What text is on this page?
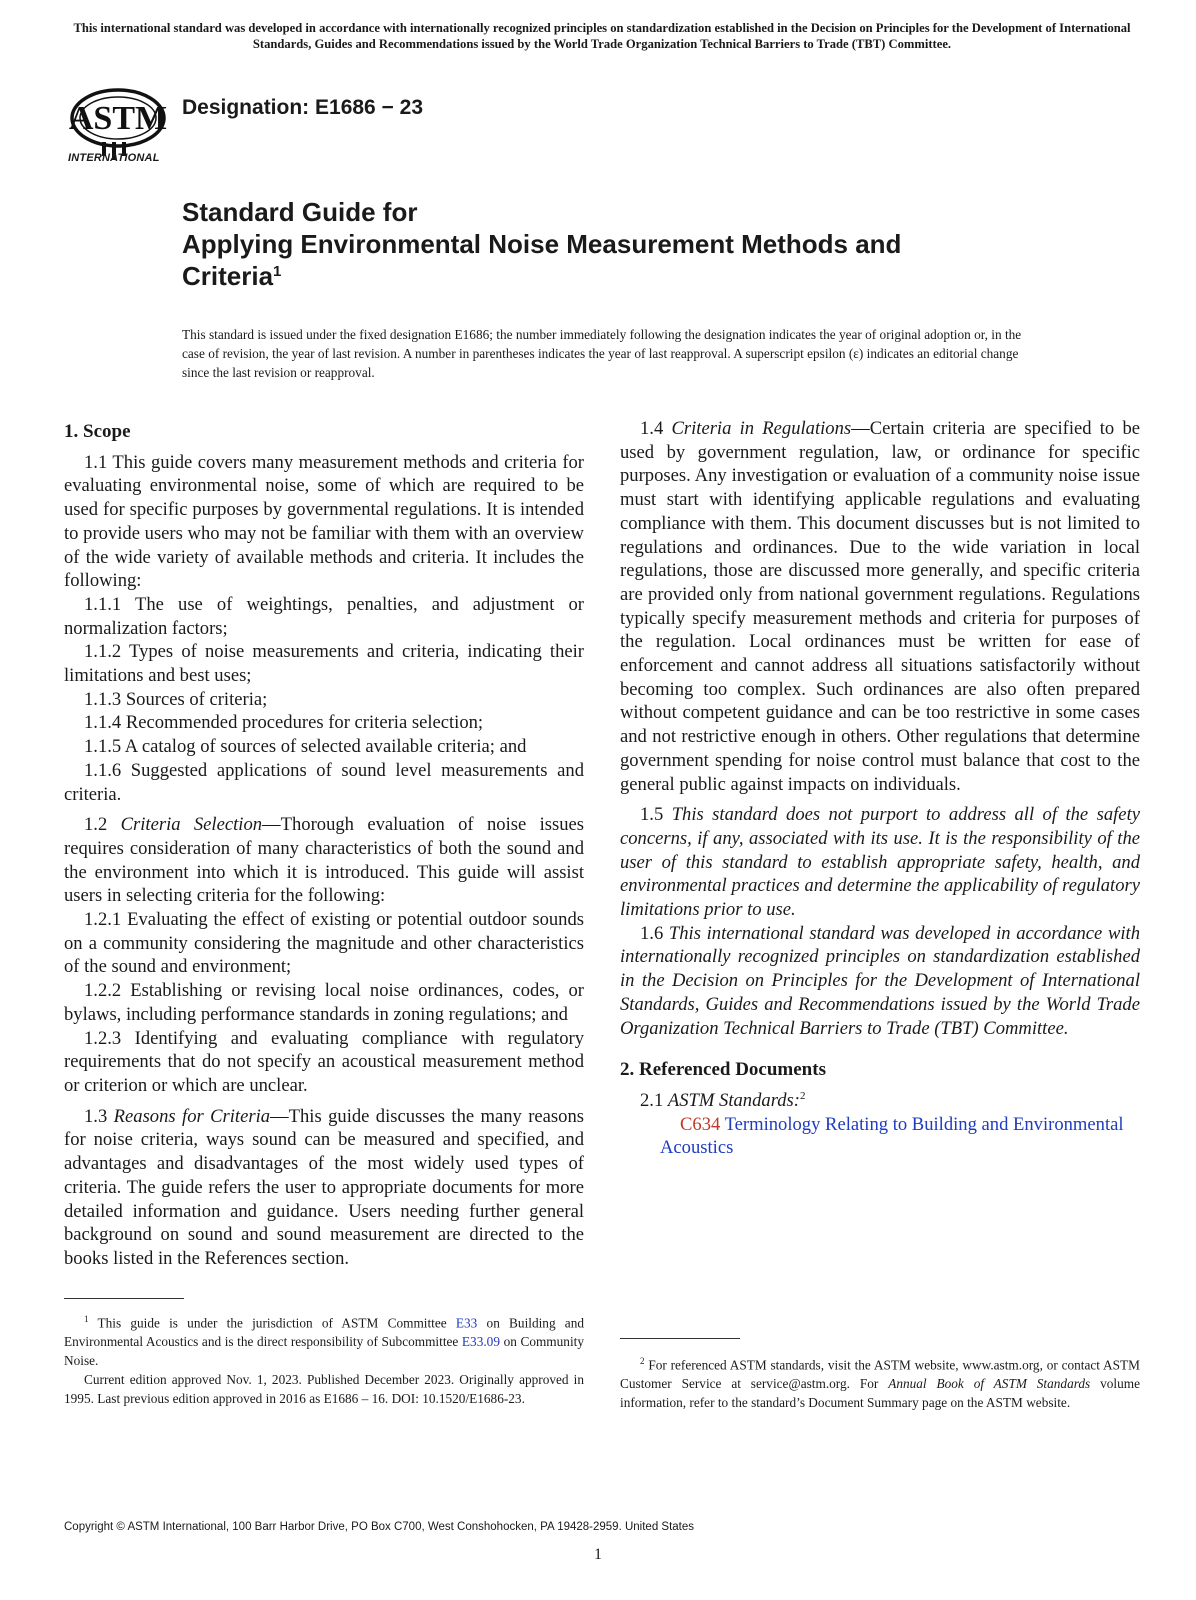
This international standard was developed in accordance with internationally recognized principles on standardization established in the Decision on Principles for the Development of International Standards, Guides and Recommendations issued by the World Trade Organization Technical Barriers to Trade (TBT) Committee.
ASTM
INTERNATIONAL
Designation: E1686 − 23
Standard Guide for
Applying Environmental Noise Measurement Methods and
Criteria$^1$
This standard is issued under the fixed designation E1686; the number immediately following the designation indicates the year of original adoption or, in the case of revision, the year of last revision. A number in parentheses indicates the year of last reapproval. A superscript epsilon (ε) indicates an editorial change since the last revision or reapproval.
1. Scope

1.1 This guide covers many measurement methods and criteria for evaluating environmental noise, some of which are required to be used for specific purposes by governmental regulations. It is intended to provide users who may not be familiar with them with an overview of the wide variety of available methods and criteria. It includes the following:

1.1.1 The use of weightings, penalties, and adjustment or normalization factors;

1.1.2 Types of noise measurements and criteria, indicating their limitations and best uses;

1.1.3 Sources of criteria;

1.1.4 Recommended procedures for criteria selection;

1.1.5 A catalog of sources of selected available criteria; and

1.1.6 Suggested applications of sound level measurements and criteria.

1.2 Criteria Selection—Thorough evaluation of noise issues requires consideration of many characteristics of both the sound and the environment into which it is introduced. This guide will assist users in selecting criteria for the following:

1.2.1 Evaluating the effect of existing or potential outdoor sounds on a community considering the magnitude and other characteristics of the sound and environment;

1.2.2 Establishing or revising local noise ordinances, codes, or bylaws, including performance standards in zoning regulations; and

1.2.3 Identifying and evaluating compliance with regulatory requirements that do not specify an acoustical measurement method or criterion or which are unclear.

1.3 Reasons for Criteria—This guide discusses the many reasons for noise criteria, ways sound can be measured and specified, and advantages and disadvantages of the most widely used types of criteria. The guide refers the user to appropriate documents for more detailed information and guidance. Users needing further general background on sound and sound measurement are directed to the books listed in the References section.

1.4 Criteria in Regulations—Certain criteria are specified to be used by government regulation, law, or ordinance for specific purposes. Any investigation or evaluation of a community noise issue must start with identifying applicable regulations and evaluating compliance with them. This document discusses but is not limited to regulations and ordinances. Due to the wide variation in local regulations, those are discussed more generally, and specific criteria are provided only from national government regulations. Regulations typically specify measurement methods and criteria for purposes of the regulation. Local ordinances must be written for ease of enforcement and cannot address all situations satisfactorily without becoming too complex. Such ordinances are also often prepared without competent guidance and can be too restrictive in some cases and not restrictive enough in others. Other regulations that determine government spending for noise control must balance that cost to the general public against impacts on individuals.

1.5 This standard does not purport to address all of the safety concerns, if any, associated with its use. It is the responsibility of the user of this standard to establish appropriate safety, health, and environmental practices and determine the applicability of regulatory limitations prior to use.

1.6 This international standard was developed in accordance with internationally recognized principles on standardization established in the Decision on Principles for the Development of International Standards, Guides and Recommendations issued by the World Trade Organization Technical Barriers to Trade (TBT) Committee.

2. Referenced Documents

2.1 ASTM Standards:$^2$

C634 Terminology Relating to Building and Environmental Acoustics

$^1$ This guide is under the jurisdiction of ASTM Committee E33 on Building and Environmental Acoustics and is the direct responsibility of Subcommittee E33.09 on Community Noise.

Current edition approved Nov. 1, 2023. Published December 2023. Originally approved in 1995. Last previous edition approved in 2016 as E1686 – 16. DOI: 10.1520/E1686-23.

$^2$ For referenced ASTM standards, visit the ASTM website, www.astm.org, or contact ASTM Customer Service at service@astm.org. For Annual Book of ASTM Standards volume information, refer to the standard’s Document Summary page on the ASTM website.

Copyright © ASTM International, 100 Barr Harbor Drive, PO Box C700, West Conshohocken, PA 19428-2959. United States
1
